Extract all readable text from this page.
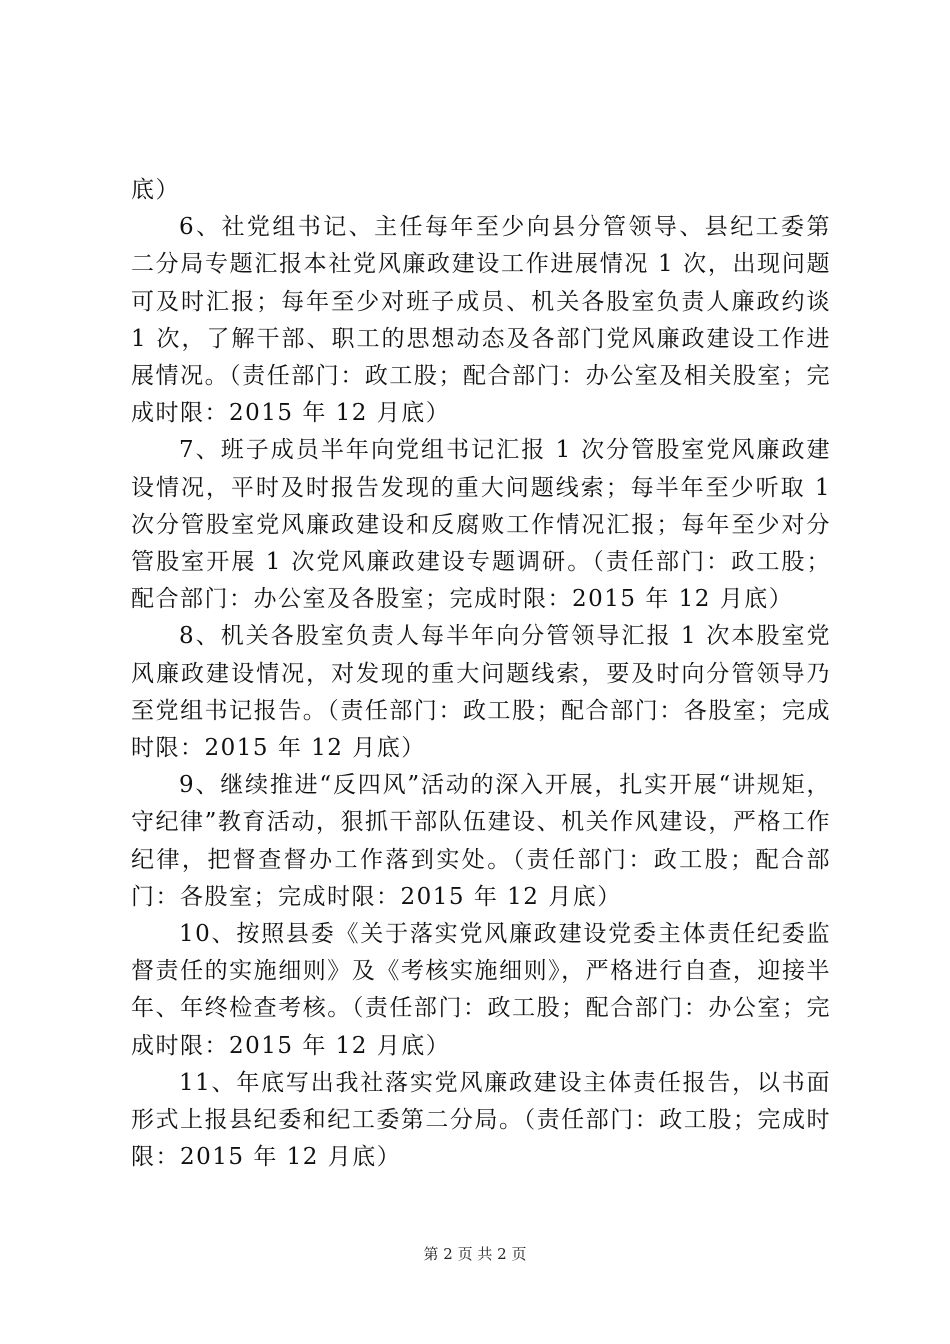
底）

6、社党组书记、主任每年至少向县分管领导、县纪工委第二分局专题汇报本社党风廉政建设工作进展情况 1 次，出现问题可及时汇报；每年至少对班子成员、机关各股室负责人廉政约谈 1 次，了解干部、职工的思想动态及各部门党风廉政建设工作进展情况。（责任部门：政工股；配合部门：办公室及相关股室；完成时限：2015 年 12 月底）

7、班子成员半年向党组书记汇报 1 次分管股室党风廉政建设情况，平时及时报告发现的重大问题线索；每半年至少听取 1 次分管股室党风廉政建设和反腐败工作情况汇报；每年至少对分管股室开展 1 次党风廉政建设专题调研。（责任部门：政工股；配合部门：办公室及各股室；完成时限：2015 年 12 月底）

8、机关各股室负责人每半年向分管领导汇报 1 次本股室党风廉政建设情况，对发现的重大问题线索，要及时向分管领导乃至党组书记报告。（责任部门：政工股；配合部门：各股室；完成时限：2015 年 12 月底）

9、继续推进“反四风”活动的深入开展，扎实开展“讲规矩，守纪律”教育活动，狠抓干部队伍建设、机关作风建设，严格工作纪律，把督查督办工作落到实处。（责任部门：政工股；配合部门：各股室；完成时限：2015 年 12 月底）

10、按照县委《关于落实党风廉政建设党委主体责任纪委监督责任的实施细则》及《考核实施细则》，严格进行自查，迎接半年、年终检查考核。（责任部门：政工股；配合部门：办公室；完成时限：2015 年 12 月底）

11、年底写出我社落实党风廉政建设主体责任报告，以书面形式上报县纪委和纪工委第二分局。（责任部门：政工股；完成时限：2015 年 12 月底）

第 2 页 共 2 页
